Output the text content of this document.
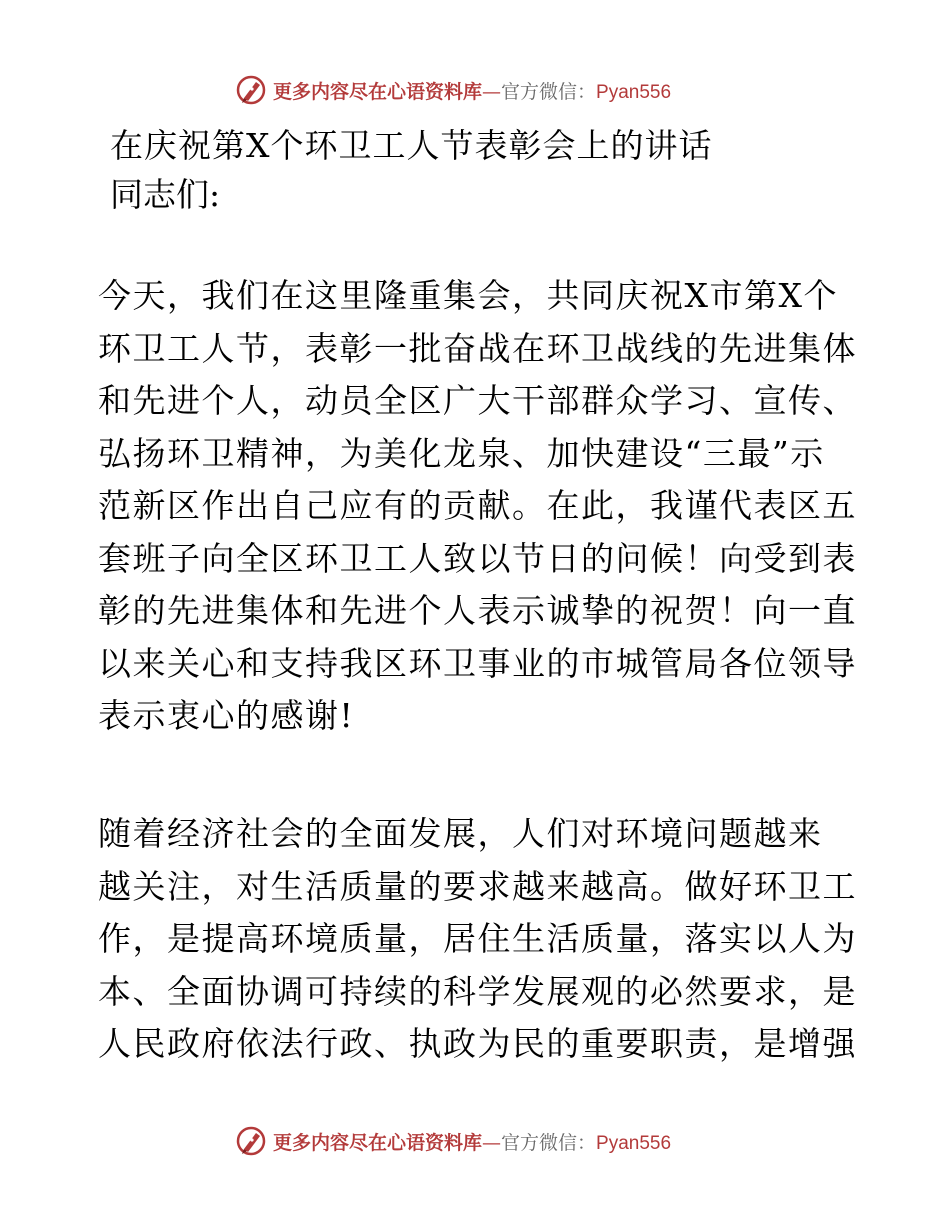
更多内容尽在心语资料库—官方微信：Pyan556
在庆祝第Ⅹ个环卫工人节表彰会上的讲话
同志们:
今天，我们在这里隆重集会，共同庆祝Ⅹ市第Ⅹ个
环卫工人节，表彰一批奋战在环卫战线的先进集体
和先进个人，动员全区广大干部群众学习、宣传、
弘扬环卫精神，为美化龙泉、加快建设“三最”示
范新区作出自己应有的贡献。在此，我谨代表区五
套班子向全区环卫工人致以节日的问候！向受到表
彰的先进集体和先进个人表示诚挚的祝贺！向一直
以来关心和支持我区环卫事业的市城管局各位领导
表示衷心的感谢!
随着经济社会的全面发展，人们对环境问题越来
越关注，对生活质量的要求越来越高。做好环卫工
作，是提高环境质量，居住生活质量，落实以人为
本、全面协调可持续的科学发展观的必然要求，是
人民政府依法行政、执政为民的重要职责，是增强
更多内容尽在心语资料库—官方微信：Pyan556
